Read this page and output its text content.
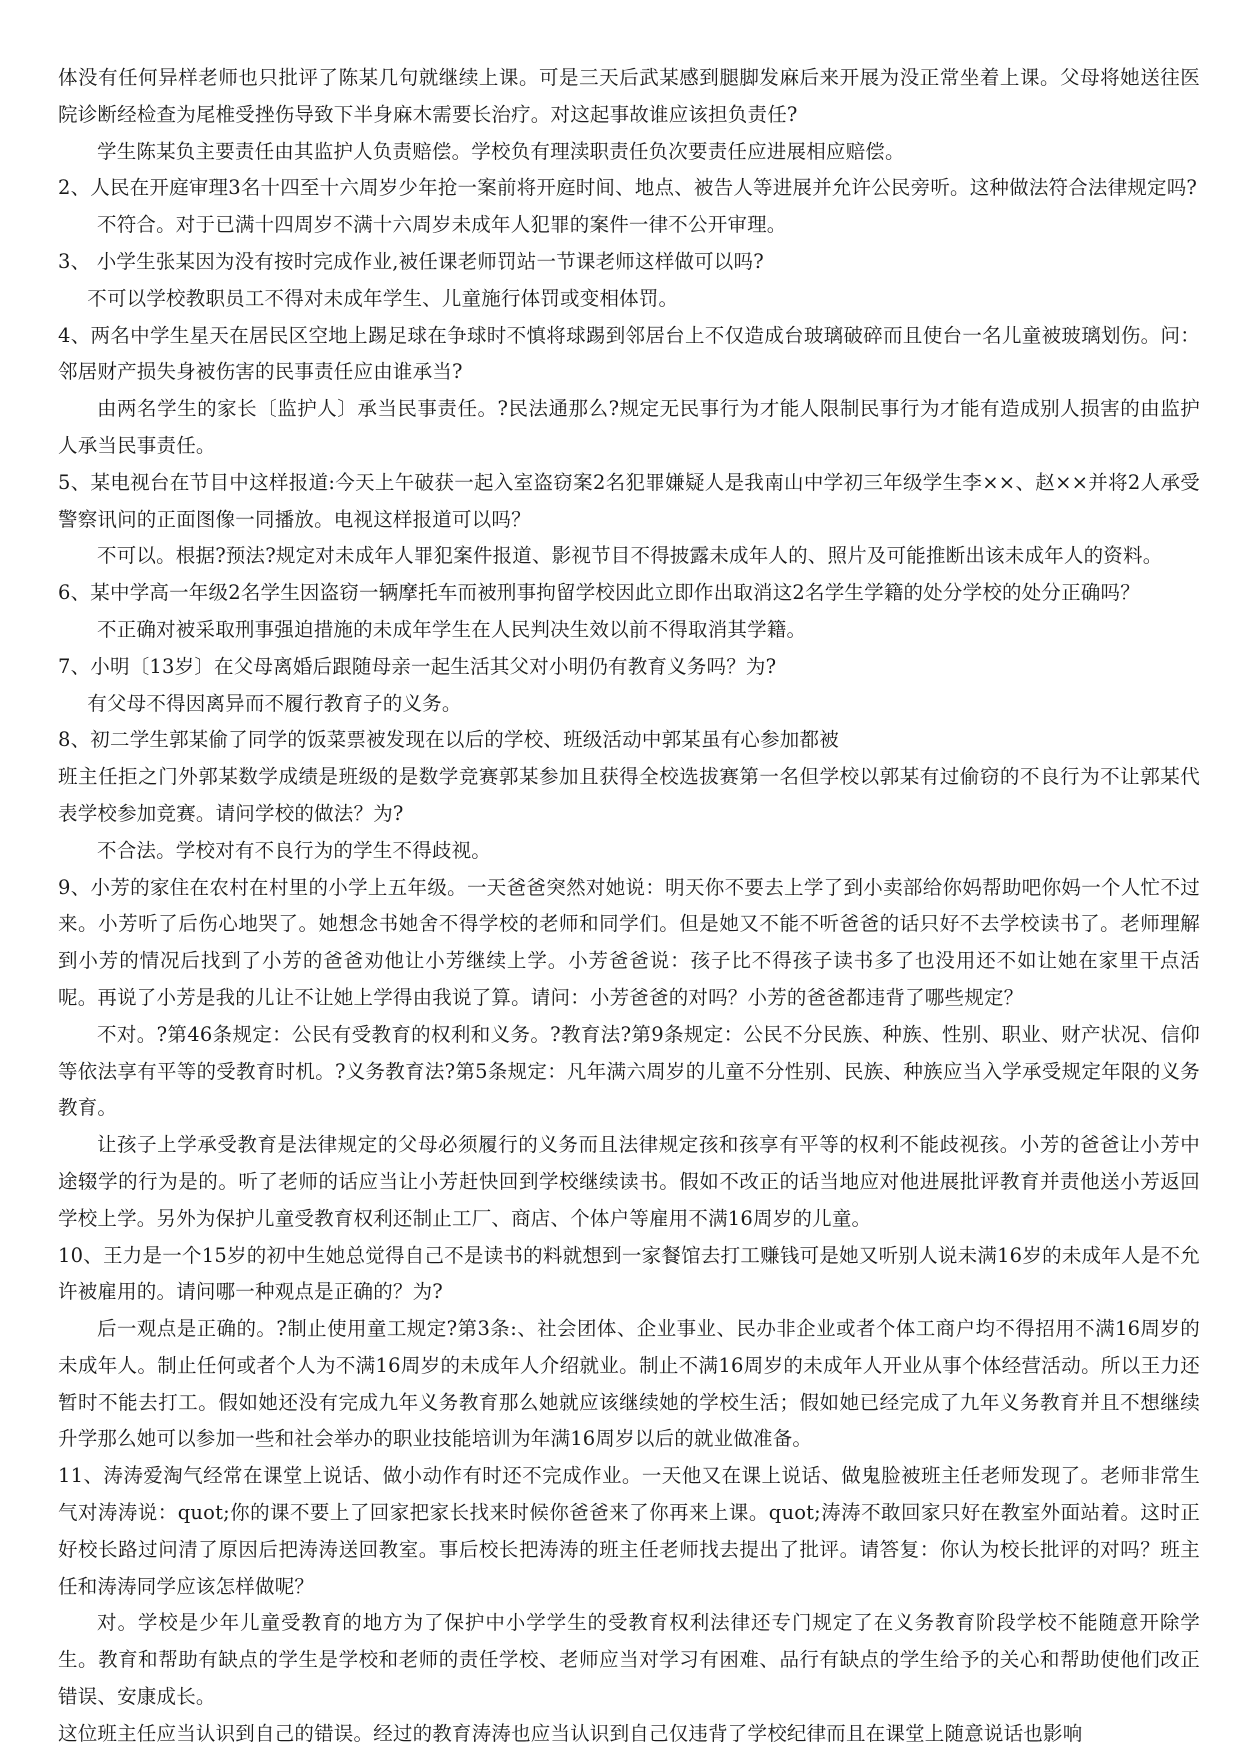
体没有任何异样老师也只批评了陈某几句就继续上课。可是三天后武某感到腿脚发麻后来开展为没正常坐着上课。父母将她送往医院诊断经检查为尾椎受挫伤导致下半身麻木需要长治疗。对这起事故谁应该担负责任?

学生陈某负主要责任由其监护人负责赔偿。学校负有理渎职责任负次要责任应进展相应赔偿。

2、人民在开庭审理3名十四至十六周岁少年抢一案前将开庭时间、地点、被告人等进展并允许公民旁听。这种做法符合法律规定吗?

不符合。对于已满十四周岁不满十六周岁未成年人犯罪的案件一律不公开审理。

3、 小学生张某因为没有按时完成作业,被任课老师罚站一节课老师这样做可以吗?

不可以学校教职员工不得对未成年学生、儿童施行体罚或变相体罚。

4、两名中学生星天在居民区空地上踢足球在争球时不慎将球踢到邻居台上不仅造成台玻璃破碎而且使台一名儿童被玻璃划伤。问：邻居财产损失身被伤害的民事责任应由谁承当?

由两名学生的家长〔监护人〕承当民事责任。?民法通那么?规定无民事行为才能人限制民事行为才能有造成别人损害的由监护人承当民事责任。

5、某电视台在节目中这样报道:今天上午破获一起入室盗窃案2名犯罪嫌疑人是我南山中学初三年级学生李××、赵××并将2人承受警察讯问的正面图像一同播放。电视这样报道可以吗？

不可以。根据?预法?规定对未成年人罪犯案件报道、影视节目不得披露未成年人的、照片及可能推断出该未成年人的资料。

6、某中学高一年级2名学生因盗窃一辆摩托车而被刑事拘留学校因此立即作出取消这2名学生学籍的处分学校的处分正确吗？

不正确对被采取刑事强迫措施的未成年学生在人民判决生效以前不得取消其学籍。

7、小明〔13岁〕在父母离婚后跟随母亲一起生活其父对小明仍有教育义务吗？为?

有父母不得因离异而不履行教育子的义务。

8、初二学生郭某偷了同学的饭菜票被发现在以后的学校、班级活动中郭某虽有心参加都被

班主任拒之门外郭某数学成绩是班级的是数学竞赛郭某参加且获得全校选拔赛第一名但学校以郭某有过偷窃的不良行为不让郭某代表学校参加竞赛。请问学校的做法？为?

不合法。学校对有不良行为的学生不得歧视。

9、小芳的家住在农村在村里的小学上五年级。一天爸爸突然对她说：明天你不要去上学了到小卖部给你妈帮助吧你妈一个人忙不过来。小芳听了后伤心地哭了。她想念书她舍不得学校的老师和同学们。但是她又不能不听爸爸的话只好不去学校读书了。老师理解到小芳的情况后找到了小芳的爸爸劝他让小芳继续上学。小芳爸爸说：孩子比不得孩子读书多了也没用还不如让她在家里干点活呢。再说了小芳是我的儿让不让她上学得由我说了算。请问：小芳爸爸的对吗？小芳的爸爸都违背了哪些规定？

不对。?第46条规定：公民有受教育的权利和义务。?教育法?第9条规定：公民不分民族、种族、性别、职业、财产状况、信仰等依法享有平等的受教育时机。?义务教育法?第5条规定：凡年满六周岁的儿童不分性别、民族、种族应当入学承受规定年限的义务教育。

让孩子上学承受教育是法律规定的父母必须履行的义务而且法律规定孩和孩享有平等的权利不能歧视孩。小芳的爸爸让小芳中途辍学的行为是的。听了老师的话应当让小芳赶快回到学校继续读书。假如不改正的话当地应对他进展批评教育并责他送小芳返回学校上学。另外为保护儿童受教育权利还制止工厂、商店、个体户等雇用不满16周岁的儿童。

10、王力是一个15岁的初中生她总觉得自己不是读书的料就想到一家餐馆去打工赚钱可是她又听别人说未满16岁的未成年人是不允许被雇用的。请问哪一种观点是正确的？为?

后一观点是正确的。?制止使用童工规定?第3条:、社会团体、企业事业、民办非企业或者个体工商户均不得招用不满16周岁的未成年人。制止任何或者个人为不满16周岁的未成年人介绍就业。制止不满16周岁的未成年人开业从事个体经营活动。所以王力还暂时不能去打工。假如她还没有完成九年义务教育那么她就应该继续她的学校生活；假如她已经完成了九年义务教育并且不想继续升学那么她可以参加一些和社会举办的职业技能培训为年满16周岁以后的就业做准备。

11、涛涛爱淘气经常在课堂上说话、做小动作有时还不完成作业。一天他又在课上说话、做鬼脸被班主任老师发现了。老师非常生气对涛涛说：quot;你的课不要上了回家把家长找来时候你爸爸来了你再来上课。quot;涛涛不敢回家只好在教室外面站着。这时正好校长路过问清了原因后把涛涛送回教室。事后校长把涛涛的班主任老师找去提出了批评。请答复：你认为校长批评的对吗？班主任和涛涛同学应该怎样做呢？

对。学校是少年儿童受教育的地方为了保护中小学学生的受教育权利法律还专门规定了在义务教育阶段学校不能随意开除学生。教育和帮助有缺点的学生是学校和老师的责任学校、老师应当对学习有困难、品行有缺点的学生给予的关心和帮助使他们改正错误、安康成长。

这位班主任应当认识到自己的错误。经过的教育涛涛也应当认识到自己仅违背了学校纪律而且在课堂上随意说话也影响
